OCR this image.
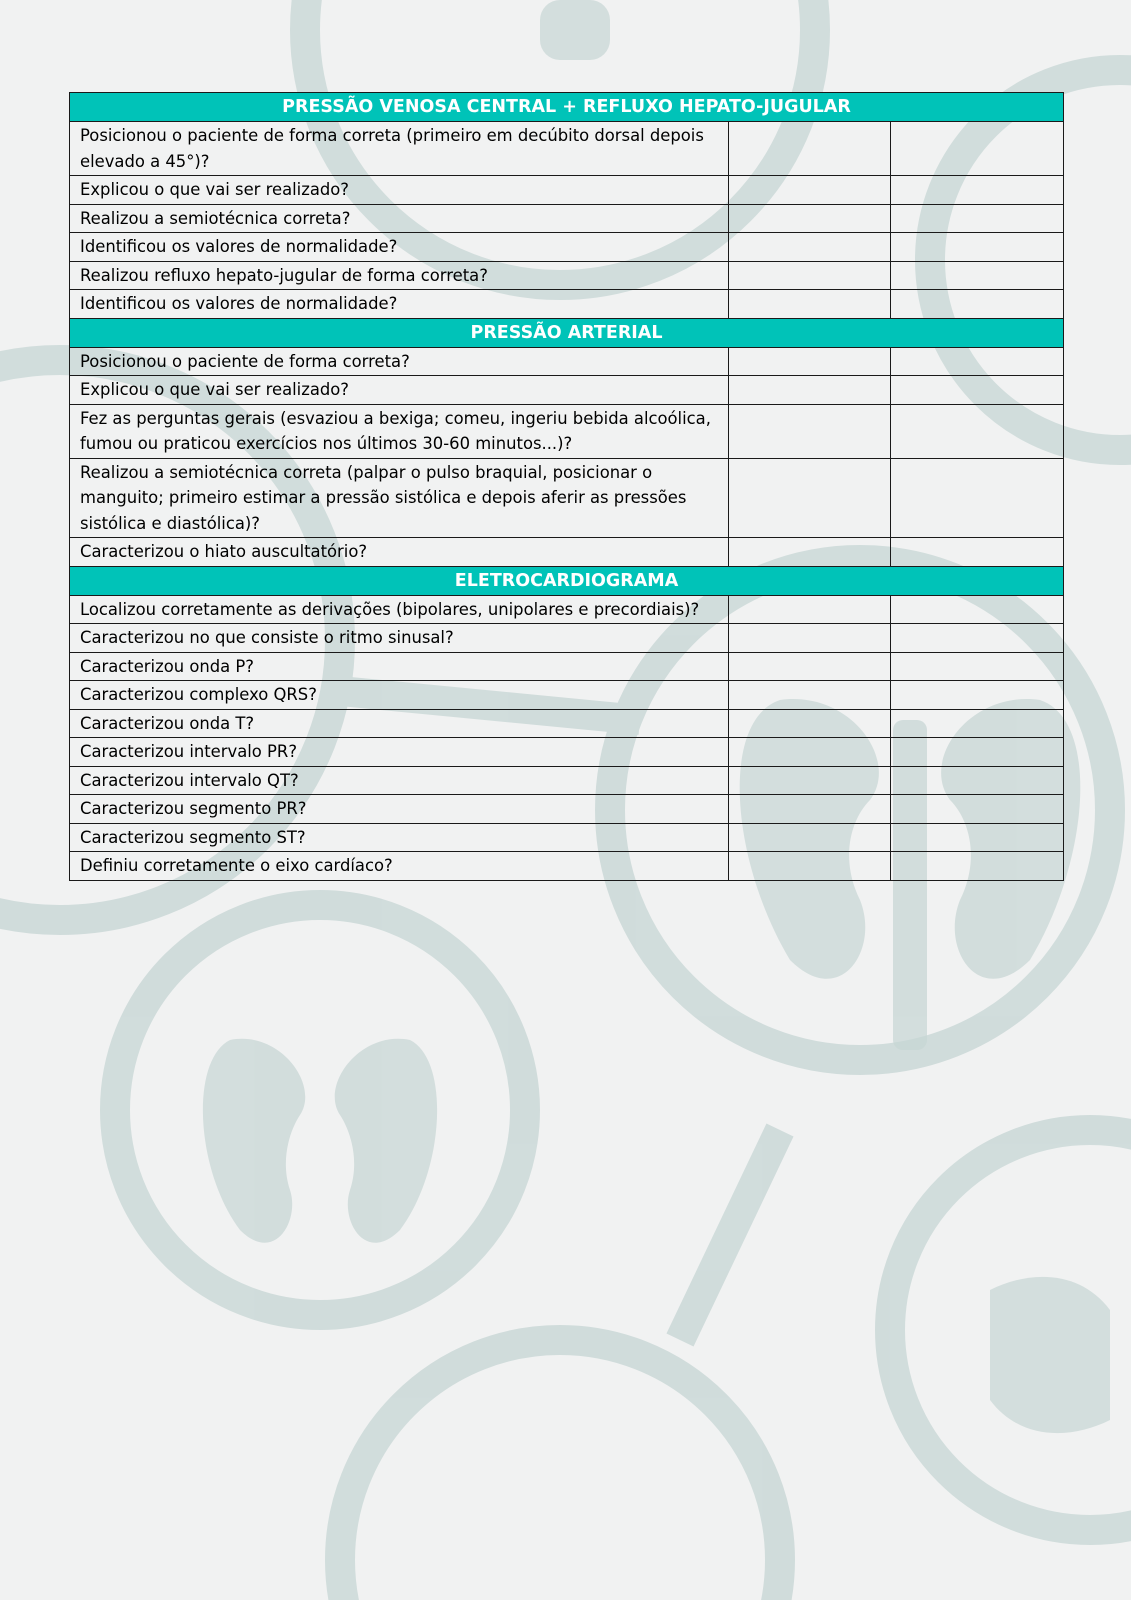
PRESSÃO VENOSA CENTRAL + REFLUXO HEPATO-JUGULAR		
Posicionou o paciente de forma correta (primeiro em decúbito dorsal depois elevado a 45°)?		
Explicou o que vai ser realizado?		
Realizou a semiotécnica correta?		
Identificou os valores de normalidade?		
Realizou refluxo hepato-jugular de forma correta?		
Identificou os valores de normalidade?		
PRESSÃO ARTERIAL		
Posicionou o paciente de forma correta?		
Explicou o que vai ser realizado?		
Fez as perguntas gerais (esvaziou a bexiga; comeu, ingeriu bebida alcoólica, fumou ou praticou exercícios nos últimos 30-60 minutos...)?		
Realizou a semiotécnica correta (palpar o pulso braquial, posicionar o manguito; primeiro estimar a pressão sistólica e depois aferir as pressões sistólica e diastólica)?		
Caracterizou o hiato auscultatório?		
ELETROCARDIOGRAMA		
Localizou corretamente as derivações (bipolares, unipolares e precordiais)?		
Caracterizou no que consiste o ritmo sinusal?		
Caracterizou onda P?		
Caracterizou complexo QRS?		
Caracterizou onda T?		
Caracterizou intervalo PR?		
Caracterizou intervalo QT?		
Caracterizou segmento PR?		
Caracterizou segmento ST?		
Definiu corretamente o eixo cardíaco?		
